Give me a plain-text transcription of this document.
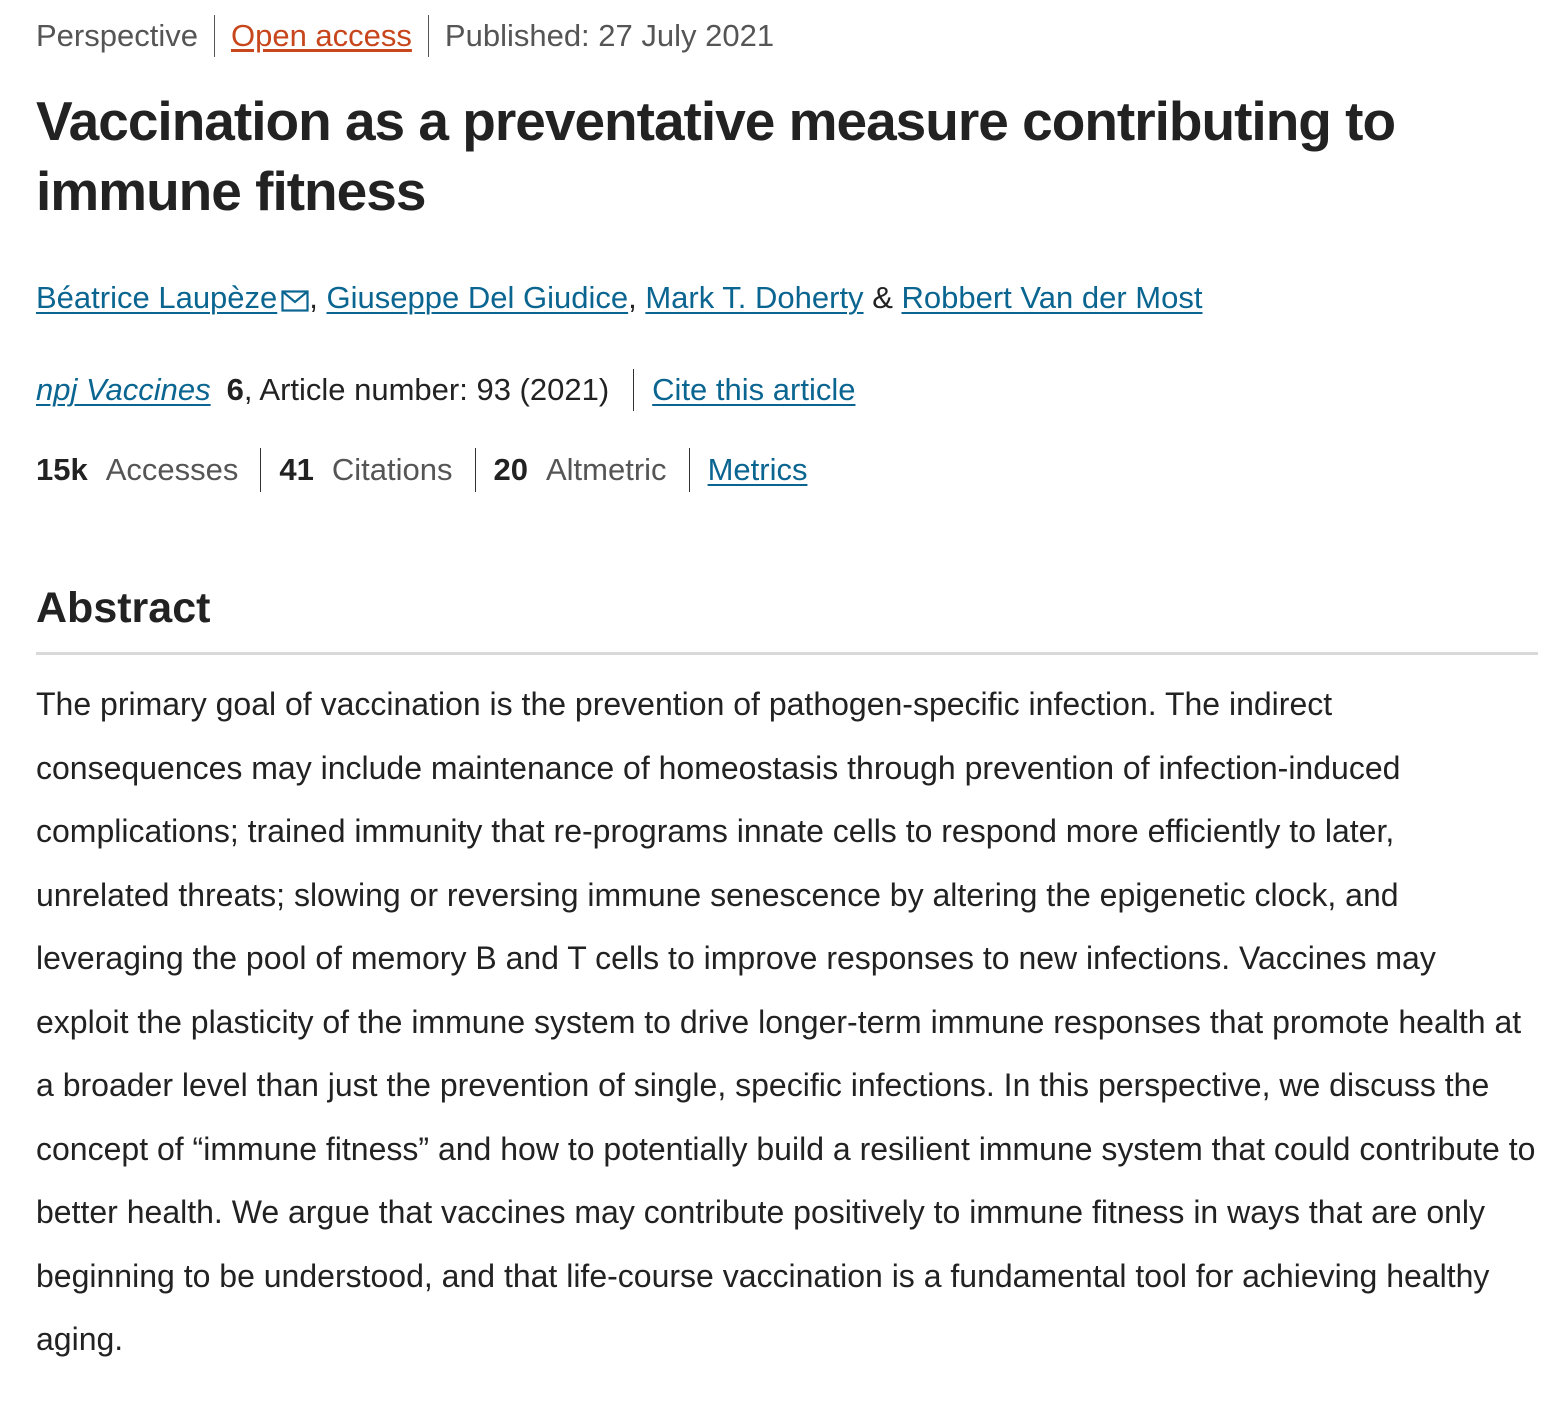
Perspective Open access Published: 27 July 2021
Vaccination as a preventative measure contributing to immune fitness
Béatrice Laupèze , Giuseppe Del Giudice, Mark T. Doherty & Robbert Van der Most
npj Vaccines 6 , Article number: 93 (2021) Cite this article
15k Accesses 41 Citations 20 Altmetric Metrics
Abstract

The primary goal of vaccination is the prevention of pathogen-specific infection. The indirect consequences may include maintenance of homeostasis through prevention of infection-induced complications; trained immunity that re-programs innate cells to respond more efficiently to later, unrelated threats; slowing or reversing immune senescence by altering the epigenetic clock, and leveraging the pool of memory B and T cells to improve responses to new infections. Vaccines may exploit the plasticity of the immune system to drive longer-term immune responses that promote health at a broader level than just the prevention of single, specific infections. In this perspective, we discuss the concept of “immune fitness” and how to potentially build a resilient immune system that could contribute to better health. We argue that vaccines may contribute positively to immune fitness in ways that are only beginning to be understood, and that life-course vaccination is a fundamental tool for achieving healthy aging.
